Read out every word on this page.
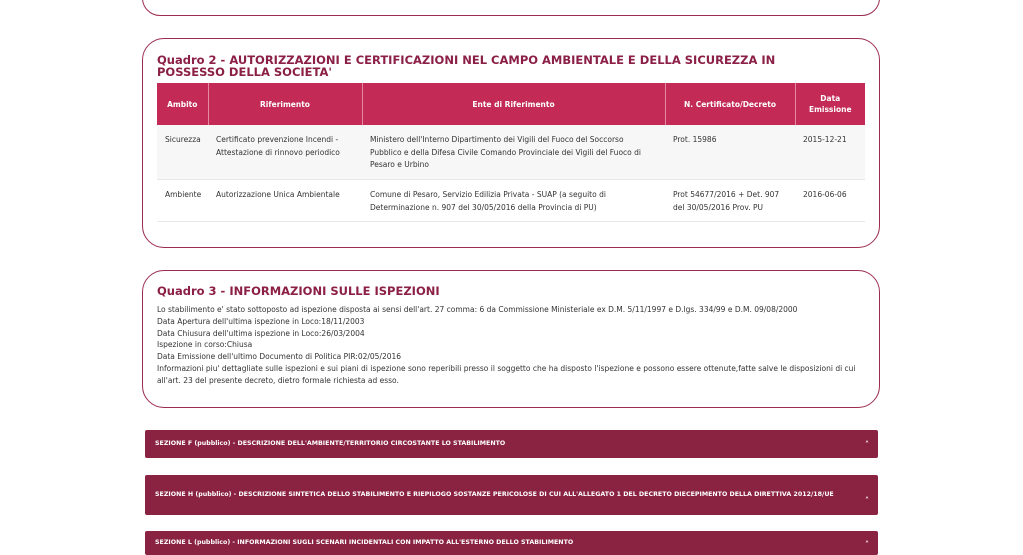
Quadro 2 - AUTORIZZAZIONI E CERTIFICAZIONI NEL CAMPO AMBIENTALE E DELLA SICUREZZA IN POSSESSO DELLA SOCIETA'
Ambito	Riferimento	Ente di Riferimento	N. Certificato/Decreto	Data Emissione
Sicurezza	Certificato prevenzione Incendi - Attestazione di rinnovo periodico	Ministero dell'Interno Dipartimento dei Vigili del Fuoco del Soccorso Pubblico e della Difesa Civile Comando Provinciale dei Vigili del Fuoco di Pesaro e Urbino	Prot. 15986	2015-12-21
Ambiente	Autorizzazione Unica Ambientale	Comune di Pesaro, Servizio Edilizia Privata - SUAP (a seguito di Determinazione n. 907 del 30/05/2016 della Provincia di PU)	Prot 54677/2016 + Det. 907 del 30/05/2016 Prov. PU	2016-06-06
Quadro 3 - INFORMAZIONI SULLE ISPEZIONI
Lo stabilimento e' stato sottoposto ad ispezione disposta ai sensi dell'art. 27 comma: 6 da Commissione Ministeriale ex D.M. 5/11/1997 e D.lgs. 334/99 e D.M. 09/08/2000
Data Apertura dell'ultima ispezione in Loco:18/11/2003
Data Chiusura dell'ultima ispezione in Loco:26/03/2004
Ispezione in corso:Chiusa
Data Emissione dell'ultimo Documento di Politica PIR:02/05/2016
Informazioni piu' dettagliate sulle ispezioni e sui piani di ispezione sono reperibili presso il soggetto che ha disposto l'ispezione e possono essere ottenute,fatte salve le disposizioni di cui all'art. 23 del presente decreto, dietro formale richiesta ad esso.
SEZIONE F (pubblico) - DESCRIZIONE DELL'AMBIENTE/TERRITORIO CIRCOSTANTE LO STABILIMENTO	˄
SEZIONE H (pubblico) - DESCRIZIONE SINTETICA DELLO STABILIMENTO E RIEPILOGO SOSTANZE PERICOLOSE DI CUI ALL'ALLEGATO 1 DEL DECRETO DIECEPIMENTO DELLA DIRETTIVA 2012/18/UE
˄
SEZIONE L (pubblico) - INFORMAZIONI SUGLI SCENARI INCIDENTALI CON IMPATTO ALL'ESTERNO DELLO STABILIMENTO	˄
